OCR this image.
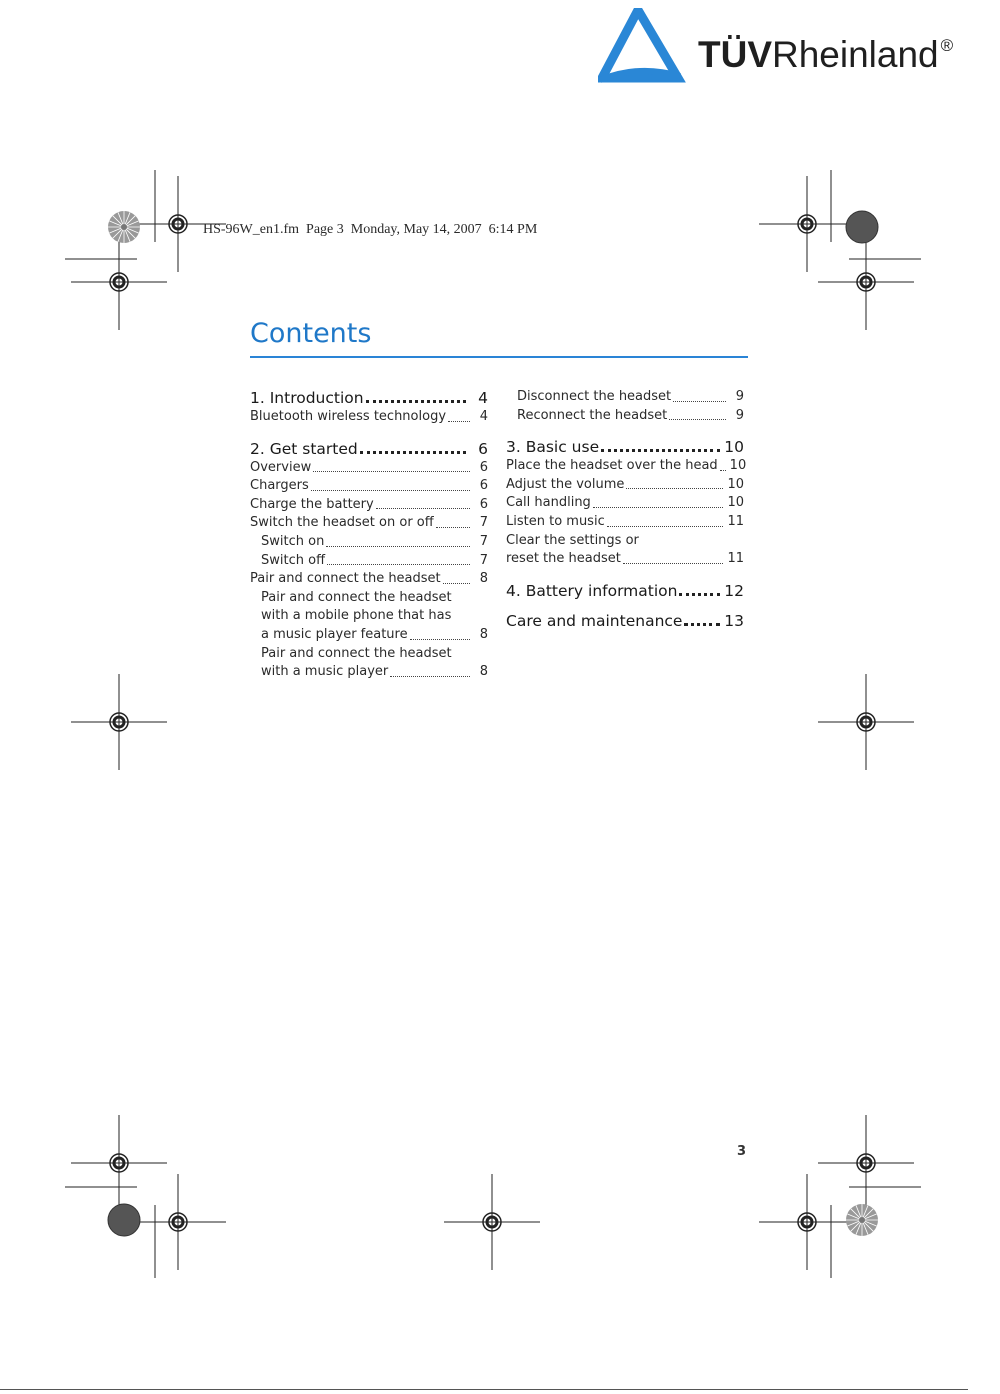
TÜVRheinland ®
HS-96W_en1.fm  Page 3  Monday, May 14, 2007  6:14 PM
Contents
1. Introduction	4
Bluetooth wireless technology	4
2. Get started	6
Overview	6
Chargers	6
Charge the battery	6
Switch the headset on or off	7
Switch on	7
Switch off	7
Pair and connect the headset	8
Pair and connect the headset
with a mobile phone that has
a music player feature	8
Pair and connect the headset
with a music player	8
Disconnect the headset	9
Reconnect the headset	9
3. Basic use	10
Place the headset over the head 10
Adjust the volume	10
Call handling	10
Listen to music	11
Clear the settings or
reset the headset	11
4. Battery information	12
Care and maintenance	13
3
